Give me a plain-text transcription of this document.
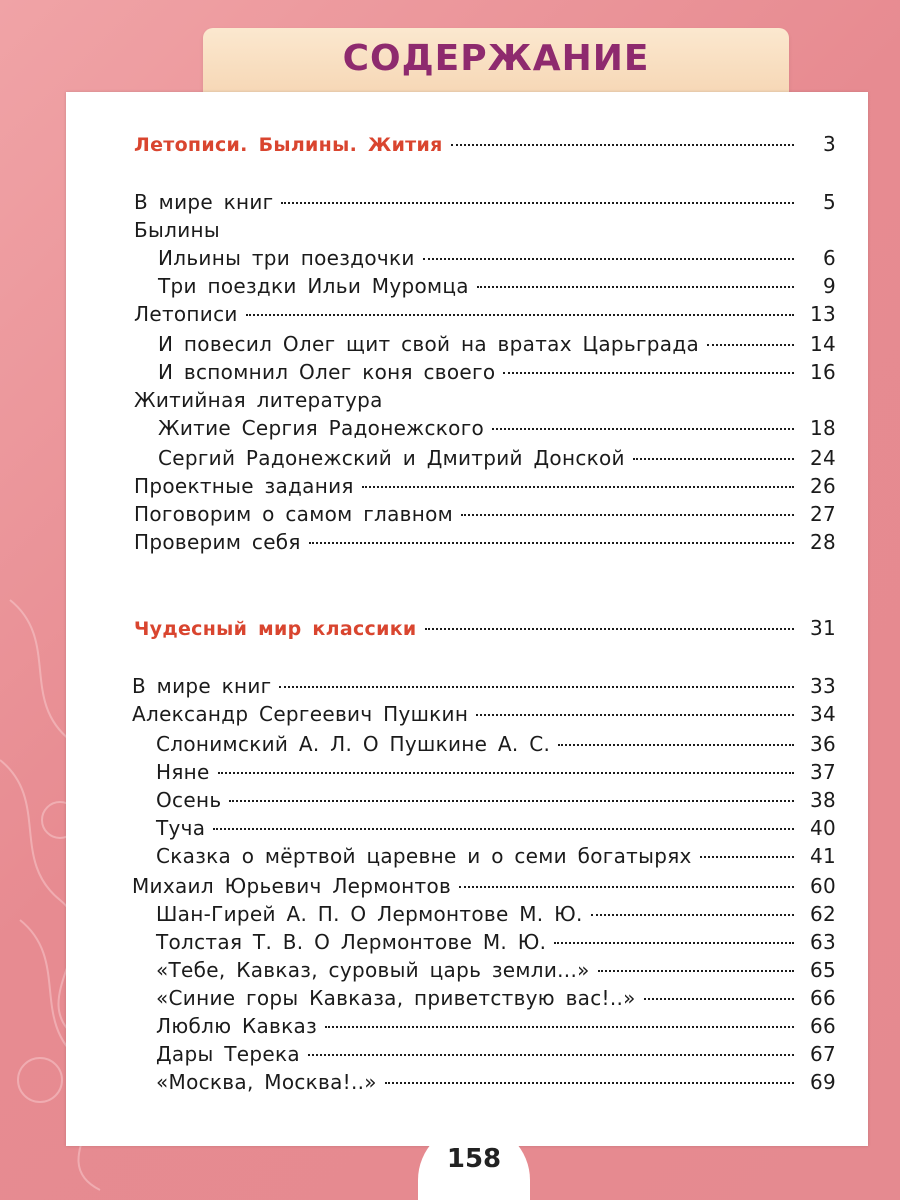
СОДЕРЖАНИЕ
Летописи. Былины. Жития	3
В мире книг	5
Былины
Ильины три поездочки	6
Три поездки Ильи Муромца	9
Летописи	13
И повесил Олег щит свой на вратах Царьграда	14
И вспомнил Олег коня своего	16
Житийная литература
Житие Сергия Радонежского	18
Сергий Радонежский и Дмитрий Донской	24
Проектные задания	26
Поговорим о самом главном	27
Проверим себя	28
Чудесный мир классики	31
В мире книг	33
Александр Сергеевич Пушкин	34
Слонимский А. Л. О Пушкине А. С.	36
Няне	37
Осень	38
Туча	40
Сказка о мёртвой царевне и о семи богатырях	41
Михаил Юрьевич Лермонтов	60
Шан-Гирей А. П. О Лермонтове М. Ю.	62
Толстая Т. В. О Лермонтове М. Ю.	63
«Тебе, Кавказ, суровый царь земли...»	65
«Синие горы Кавказа, приветствую вас!..»	66
Люблю Кавказ	66
Дары Терека	67
«Москва, Москва!..»	69
158
